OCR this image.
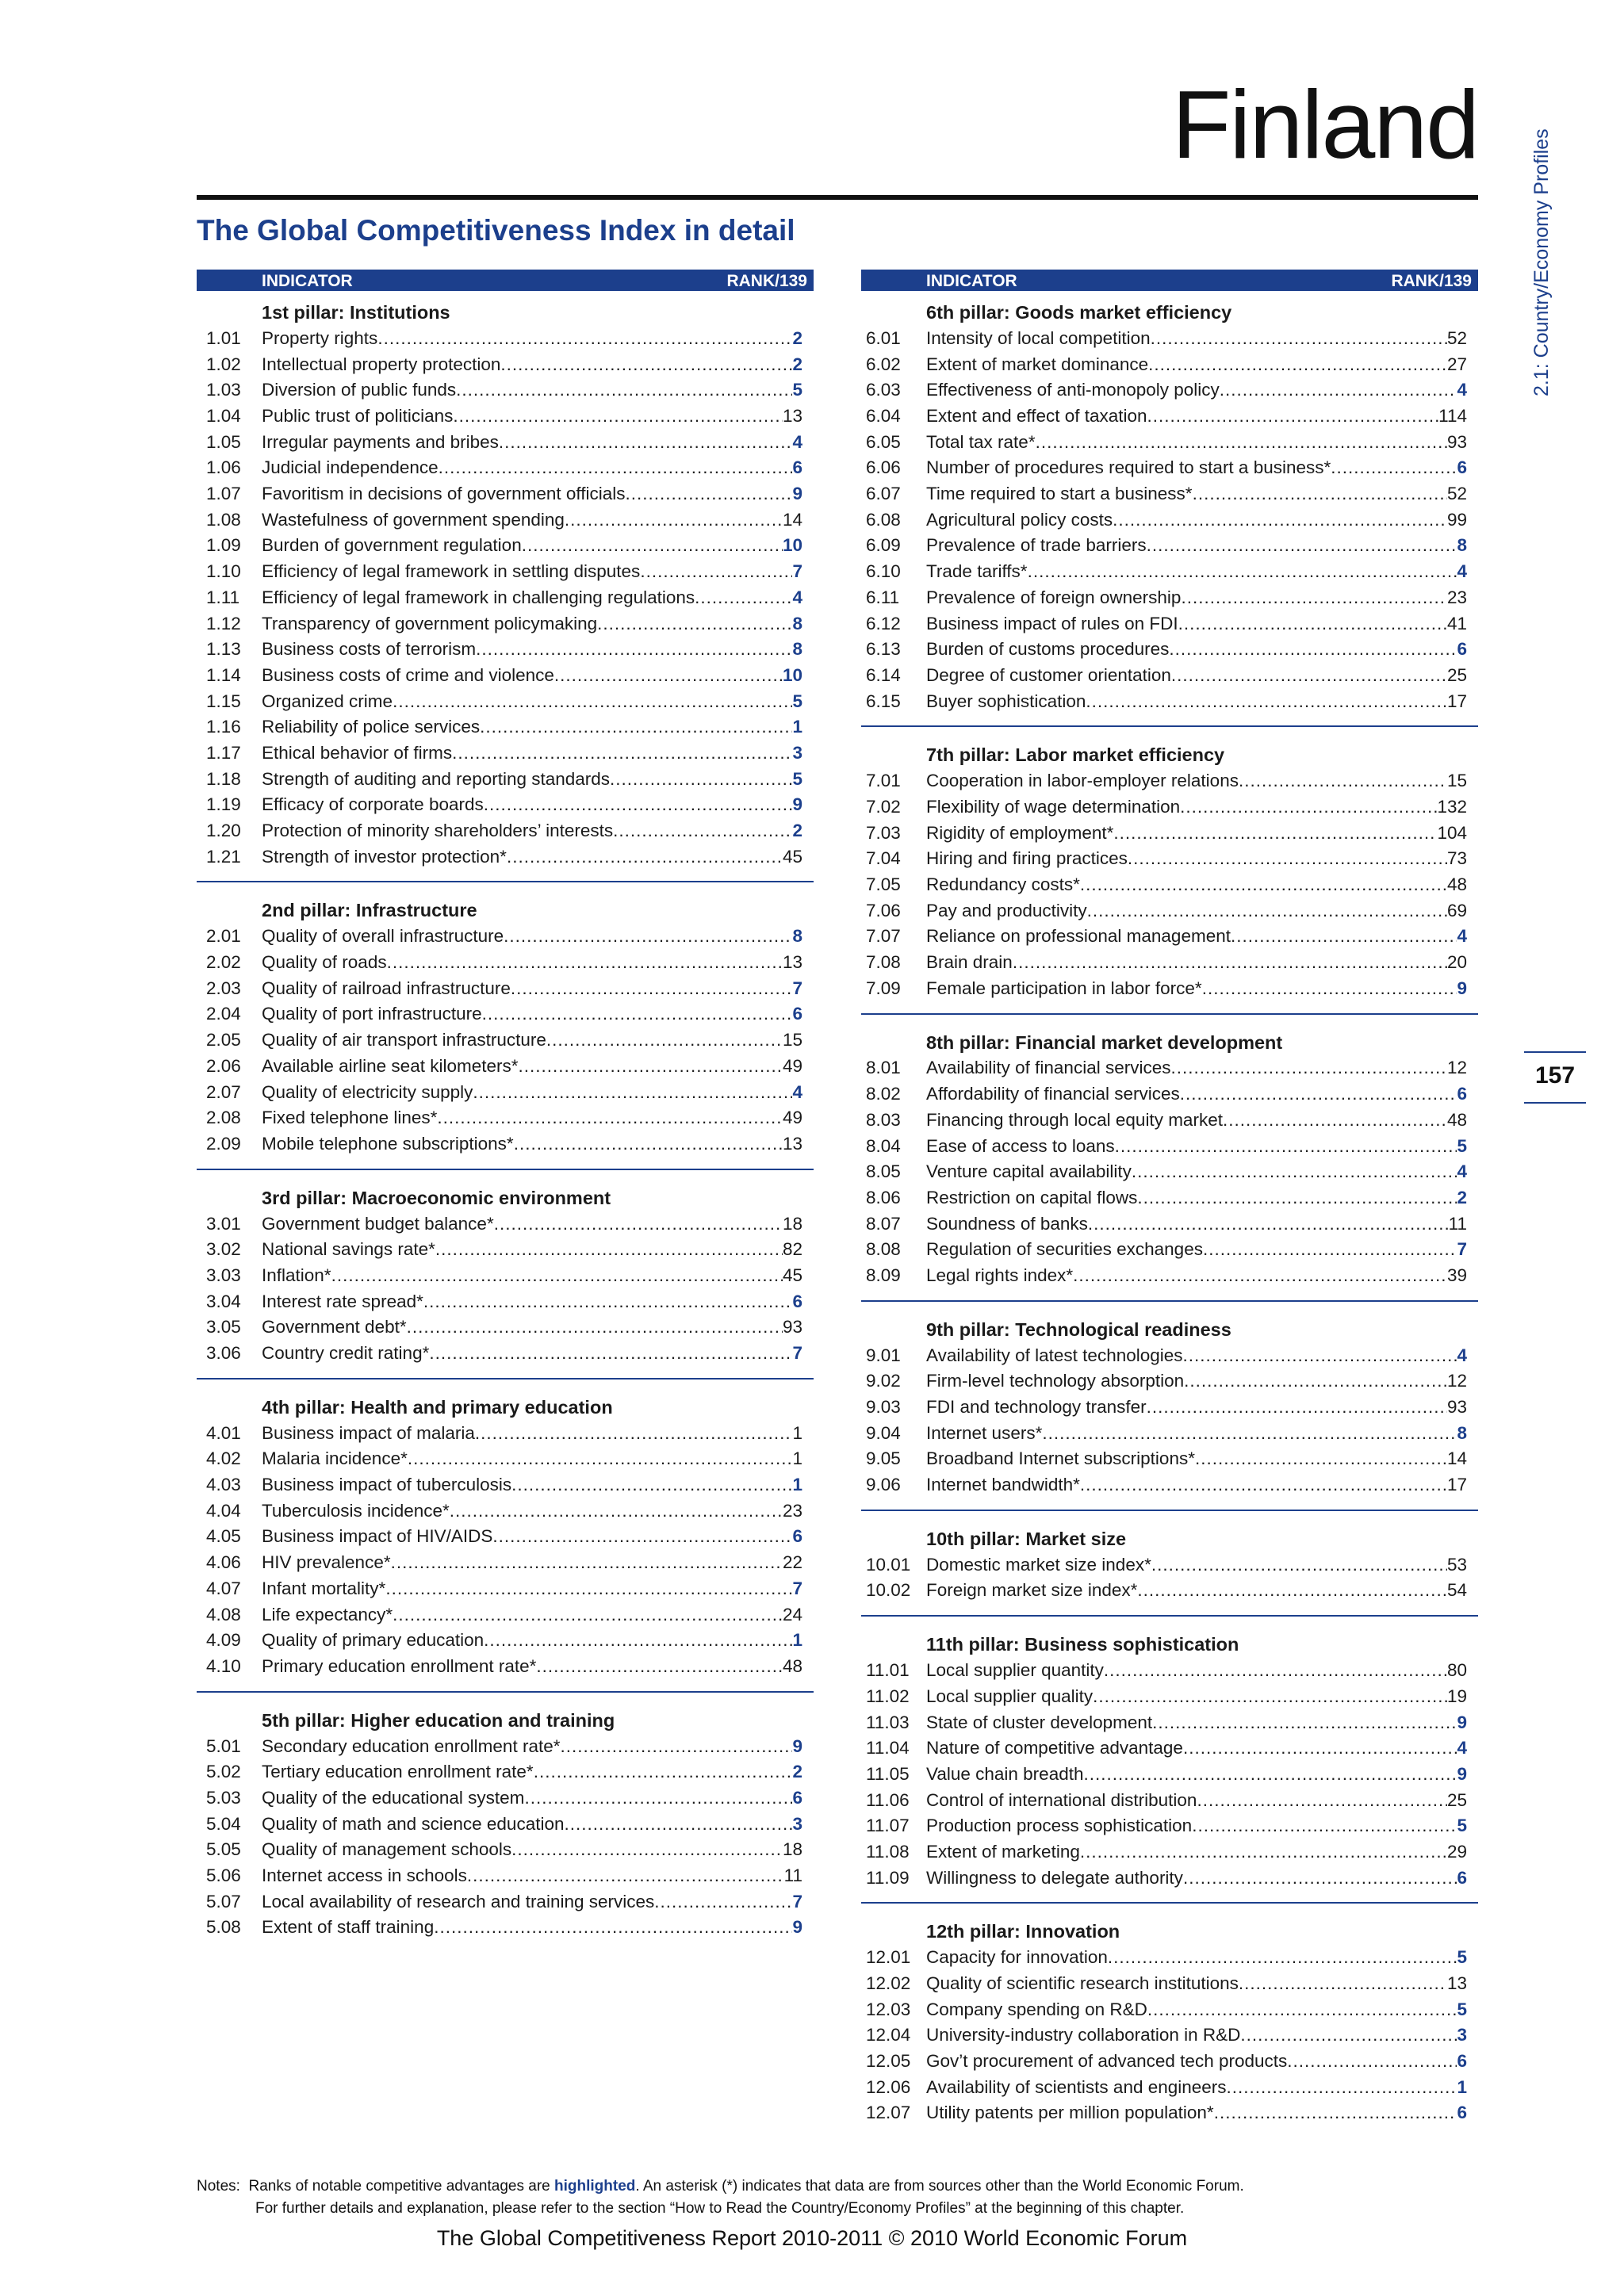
Finland
2.1: Country/Economy Profiles
157
The Global Competitiveness Index in detail
INDICATOR	RANK/139
1st pillar: Institutions
1.01	Property rights .....	2
1.02	Intellectual property protection .....	2
1.03	Diversion of public funds .....	5
1.04	Public trust of politicians .....	13
1.05	Irregular payments and bribes .....	4
1.06	Judicial independence .....	6
1.07	Favoritism in decisions of government officials .....	9
1.08	Wastefulness of government spending .....	14
1.09	Burden of government regulation .....	10
1.10	Efficiency of legal framework in settling disputes .....	7
1.11	Efficiency of legal framework in challenging regulations .....	4
1.12	Transparency of government policymaking .....	8
1.13	Business costs of terrorism .....	8
1.14	Business costs of crime and violence .....	10
1.15	Organized crime .....	5
1.16	Reliability of police services .....	1
1.17	Ethical behavior of firms .....	3
1.18	Strength of auditing and reporting standards .....	5
1.19	Efficacy of corporate boards .....	9
1.20	Protection of minority shareholders’ interests .....	2
1.21	Strength of investor protection* .....	45
2nd pillar: Infrastructure
2.01	Quality of overall infrastructure .....	8
2.02	Quality of roads .....	13
2.03	Quality of railroad infrastructure .....	7
2.04	Quality of port infrastructure .....	6
2.05	Quality of air transport infrastructure .....	15
2.06	Available airline seat kilometers* .....	49
2.07	Quality of electricity supply .....	4
2.08	Fixed telephone lines* .....	49
2.09	Mobile telephone subscriptions* .....	13
3rd pillar: Macroeconomic environment
3.01	Government budget balance* .....	18
3.02	National savings rate* .....	82
3.03	Inflation* .....	45
3.04	Interest rate spread* .....	6
3.05	Government debt* .....	93
3.06	Country credit rating* .....	7
4th pillar: Health and primary education
4.01	Business impact of malaria .....	1
4.02	Malaria incidence* .....	1
4.03	Business impact of tuberculosis .....	1
4.04	Tuberculosis incidence* .....	23
4.05	Business impact of HIV/AIDS .....	6
4.06	HIV prevalence* .....	22
4.07	Infant mortality* .....	7
4.08	Life expectancy* .....	24
4.09	Quality of primary education .....	1
4.10	Primary education enrollment rate* .....	48
5th pillar: Higher education and training
5.01	Secondary education enrollment rate* .....	9
5.02	Tertiary education enrollment rate* .....	2
5.03	Quality of the educational system .....	6
5.04	Quality of math and science education .....	3
5.05	Quality of management schools .....	18
5.06	Internet access in schools .....	11
5.07	Local availability of research and training services .....	7
5.08	Extent of staff training .....	9
INDICATOR	RANK/139
6th pillar: Goods market efficiency
6.01	Intensity of local competition .....	52
6.02	Extent of market dominance .....	27
6.03	Effectiveness of anti-monopoly policy .....	4
6.04	Extent and effect of taxation .....	114
6.05	Total tax rate* .....	93
6.06	Number of procedures required to start a business* .....	6
6.07	Time required to start a business* .....	52
6.08	Agricultural policy costs .....	99
6.09	Prevalence of trade barriers .....	8
6.10	Trade tariffs* .....	4
6.11	Prevalence of foreign ownership .....	23
6.12	Business impact of rules on FDI .....	41
6.13	Burden of customs procedures .....	6
6.14	Degree of customer orientation .....	25
6.15	Buyer sophistication .....	17
7th pillar: Labor market efficiency
7.01	Cooperation in labor-employer relations .....	15
7.02	Flexibility of wage determination .....	132
7.03	Rigidity of employment* .....	104
7.04	Hiring and firing practices .....	73
7.05	Redundancy costs* .....	48
7.06	Pay and productivity .....	69
7.07	Reliance on professional management .....	4
7.08	Brain drain .....	20
7.09	Female participation in labor force* .....	9
8th pillar: Financial market development
8.01	Availability of financial services .....	12
8.02	Affordability of financial services .....	6
8.03	Financing through local equity market .....	48
8.04	Ease of access to loans .....	5
8.05	Venture capital availability .....	4
8.06	Restriction on capital flows .....	2
8.07	Soundness of banks .....	11
8.08	Regulation of securities exchanges .....	7
8.09	Legal rights index* .....	39
9th pillar: Technological readiness
9.01	Availability of latest technologies .....	4
9.02	Firm-level technology absorption .....	12
9.03	FDI and technology transfer .....	93
9.04	Internet users* .....	8
9.05	Broadband Internet subscriptions* .....	14
9.06	Internet bandwidth* .....	17
10th pillar: Market size
10.01 Domestic market size index* .....	53
10.02 Foreign market size index* .....	54
11th pillar: Business sophistication
11.01 Local supplier quantity .....	80
11.02 Local supplier quality .....	19
11.03 State of cluster development .....	9
11.04 Nature of competitive advantage .....	4
11.05 Value chain breadth .....	9
11.06 Control of international distribution .....	25
11.07 Production process sophistication .....	5
11.08 Extent of marketing .....	29
11.09 Willingness to delegate authority .....	6
12th pillar: Innovation
12.01 Capacity for innovation .....	5
12.02 Quality of scientific research institutions .....	13
12.03 Company spending on R&D .....	5
12.04 University-industry collaboration in R&D .....	3
12.05 Gov’t procurement of advanced tech products .....	6
12.06 Availability of scientists and engineers .....	1
12.07 Utility patents per million population* .....	6
Notes: Ranks of notable competitive advantages are highlighted. An asterisk (*) indicates that data are from sources other than the World Economic Forum.
For further details and explanation, please refer to the section “How to Read the Country/Economy Profiles” at the beginning of this chapter.
The Global Competitiveness Report 2010-2011 © 2010 World Economic Forum
